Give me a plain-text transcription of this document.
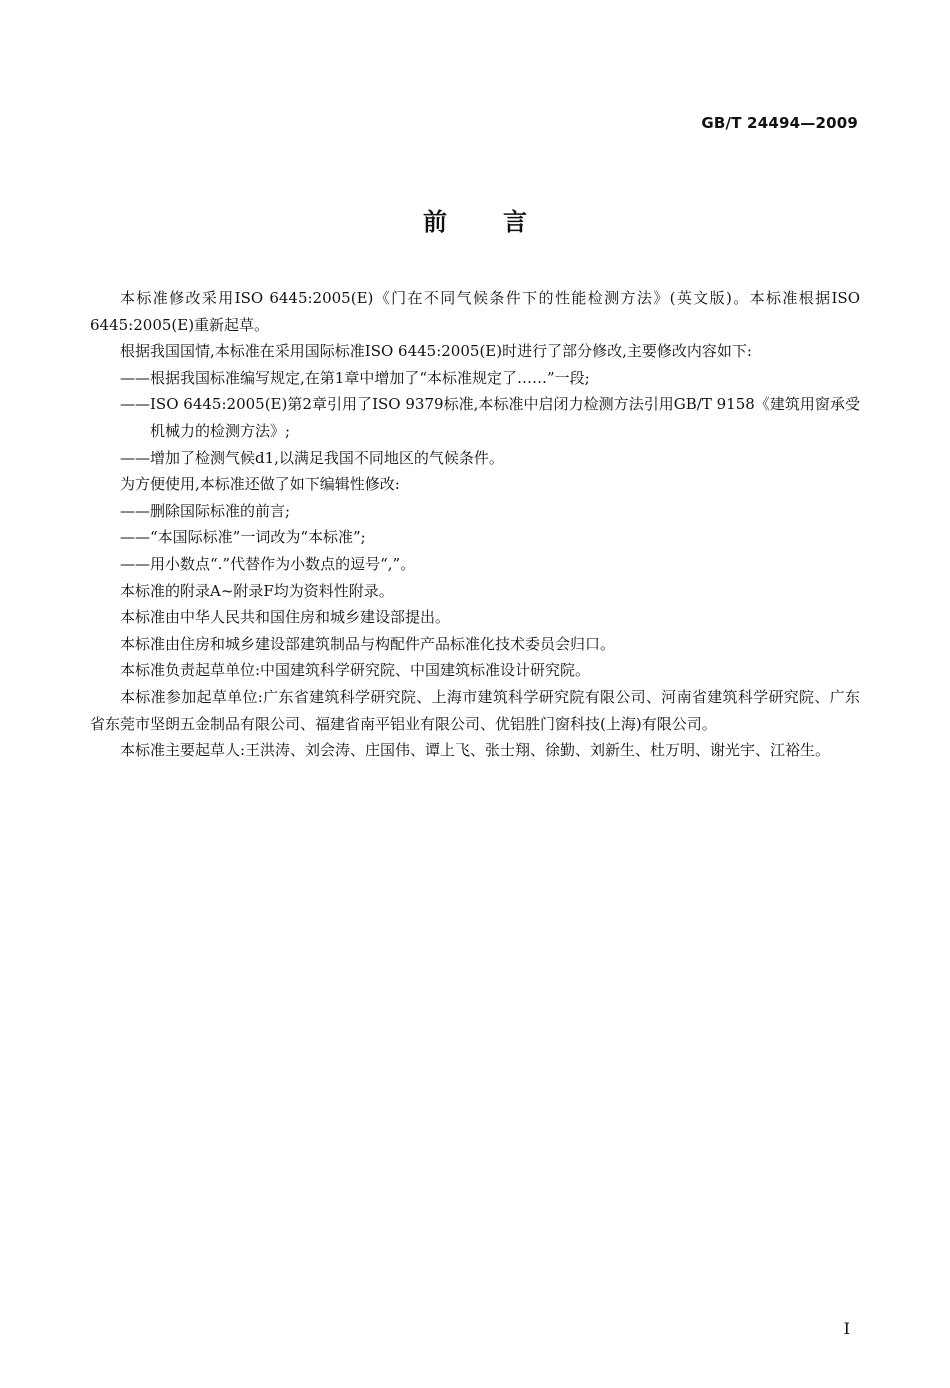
GB/T 24494—2009
前言

本标准修改采用ISO 6445:2005(E)《门在不同气候条件下的性能检测方法》(英文版)。本标准根据ISO 6445:2005(E)重新起草。

根据我国国情,本标准在采用国际标准ISO 6445:2005(E)时进行了部分修改,主要修改内容如下:

——根据我国标准编写规定,在第1章中增加了“本标准规定了……”一段;

——ISO 6445:2005(E)第2章引用了ISO 9379标准,本标准中启闭力检测方法引用GB/T 9158《建筑用窗承受机械力的检测方法》;

——增加了检测气候d1,以满足我国不同地区的气候条件。

为方便使用,本标准还做了如下编辑性修改:

——删除国际标准的前言;

——“本国际标准”一词改为“本标准”;

——用小数点“.”代替作为小数点的逗号“,”。

本标准的附录A~附录F均为资料性附录。

本标准由中华人民共和国住房和城乡建设部提出。

本标准由住房和城乡建设部建筑制品与构配件产品标准化技术委员会归口。

本标准负责起草单位:中国建筑科学研究院、中国建筑标准设计研究院。

本标准参加起草单位:广东省建筑科学研究院、上海市建筑科学研究院有限公司、河南省建筑科学研究院、广东省东莞市坚朗五金制品有限公司、福建省南平铝业有限公司、优铝胜门窗科技(上海)有限公司。

本标准主要起草人:王洪涛、刘会涛、庄国伟、谭上飞、张士翔、徐勤、刘新生、杜万明、谢光宇、江裕生。

I
